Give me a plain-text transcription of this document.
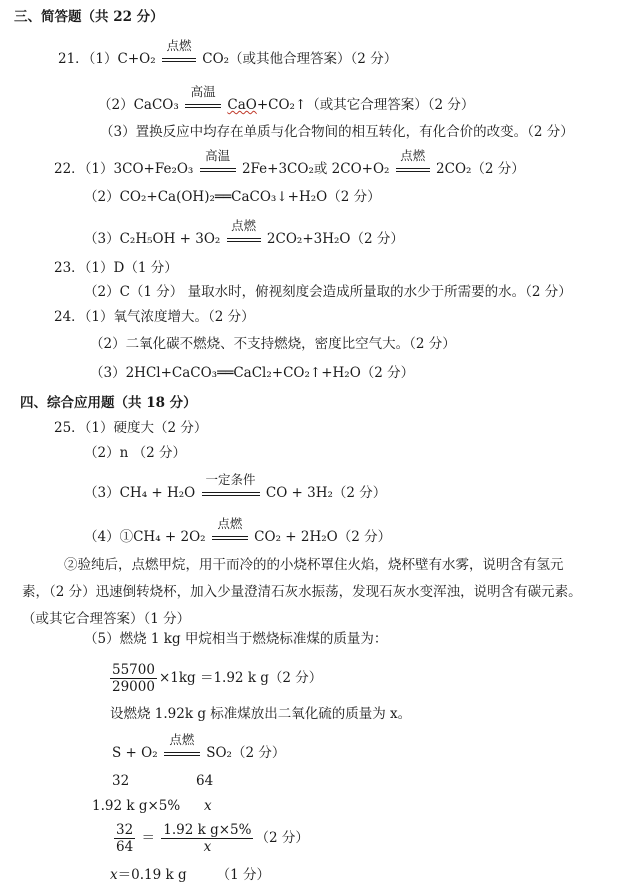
三、简答题（共 22 分）
21．（1）C+O₂
点燃
CO₂（或其他合理答案）（2 分）
（2）CaCO₃
高温
CaO+CO₂↑（或其它合理答案）（2 分）
（3）置换反应中均存在单质与化合物间的相互转化，有化合价的改变。（2 分）
22．（1）3CO+Fe₂O₃
高温
2Fe+3CO₂或 2CO+O₂
点燃
2CO₂（2 分）
（2）CO₂+Ca(OH)₂══CaCO₃↓+H₂O（2 分）
（3）C₂H₅OH + 3O₂
点燃
2CO₂+3H₂O（2 分）
23．（1）D（1 分）
（2）C（1 分） 量取水时，俯视刻度会造成所量取的水少于所需要的水。（2 分）
24．（1）氧气浓度增大。（2 分）
（2）二氧化碳不燃烧、不支持燃烧，密度比空气大。（2 分）
（3）2HCl+CaCO₃══CaCl₂+CO₂↑+H₂O（2 分）
四、综合应用题（共 18 分）
25．（1）硬度大（2 分）
（2）n （2 分）
（3）CH₄ + H₂O
一定条件
CO + 3H₂（2 分）
（4）①CH₄ + 2O₂
点燃
CO₂ + 2H₂O（2 分）
②验纯后，点燃甲烷，用干而冷的的小烧杯罩住火焰，烧杯壁有水雾，说明含有氢元
素，（2 分）迅速倒转烧杯，加入少量澄清石灰水振荡，发现石灰水变浑浊，说明含有碳元素。
（或其它合理答案）（1 分）
（5）燃烧 1 kg 甲烷相当于燃烧标准煤的质量为：
$\frac{55700}{29000} \times 1kg =1.92$ k g（2 分）
设燃烧 1.92k g 标准煤放出二氧化硫的质量为 x。
S + O₂
点燃
SO₂（2 分）
32	64
1.92 k g×5% x
$\frac{32}{64} = \frac{\text{1.92 k g×5\%}}{x} (2$ 分）
x＝0.19 k g （1 分）
